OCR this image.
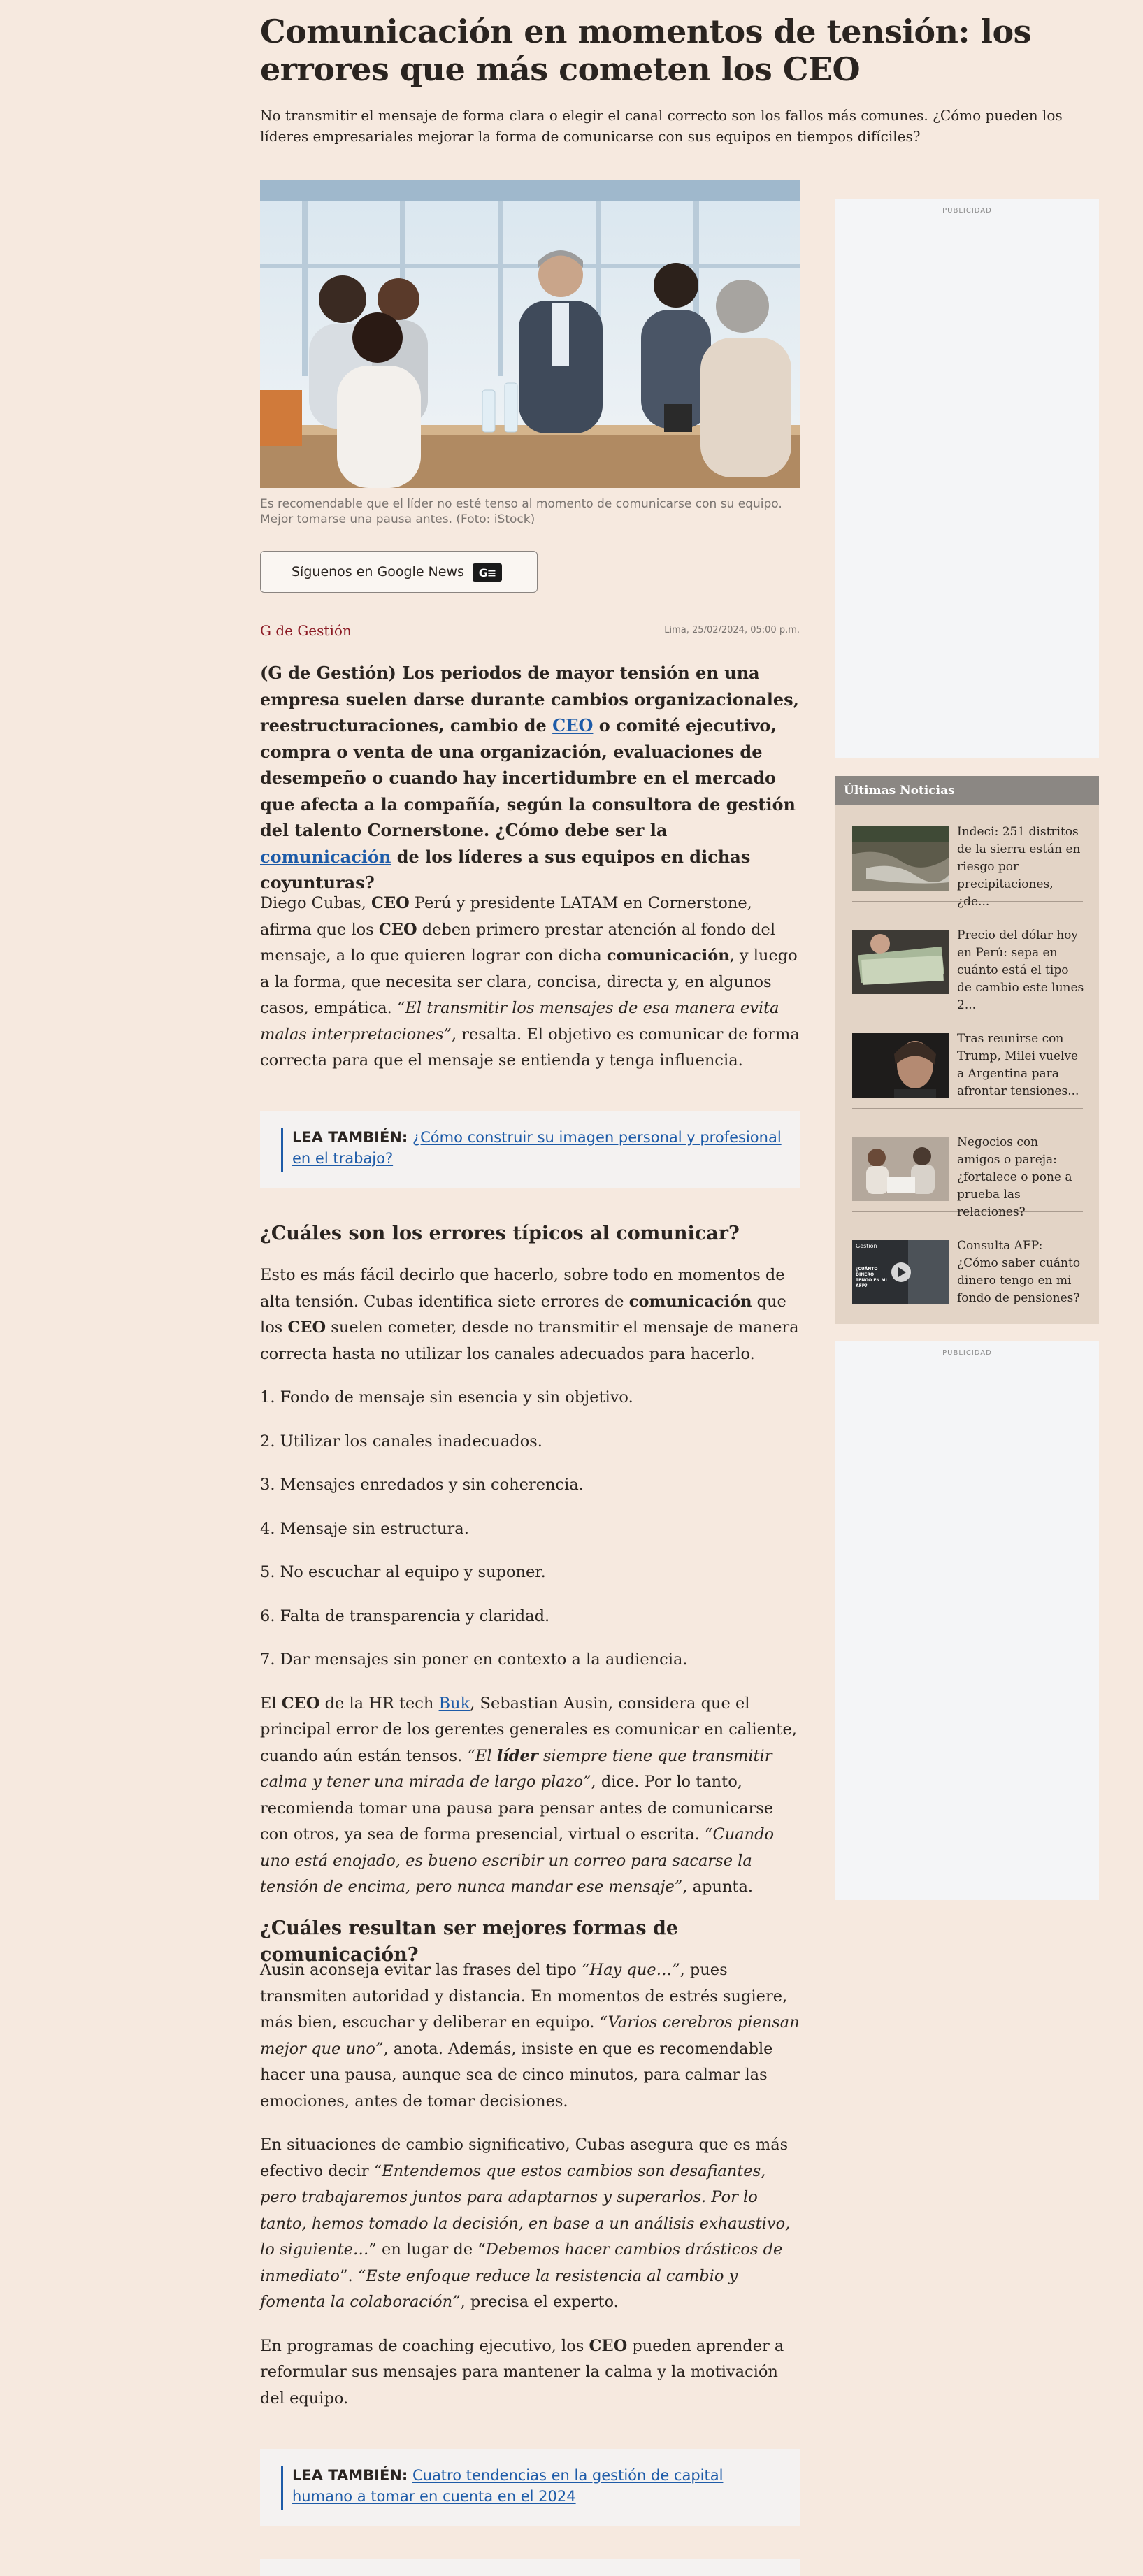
Comunicación en momentos de tensión: los errores que más cometen los CEO

No transmitir el mensaje de forma clara o elegir el canal correcto son los fallos más comunes. ¿Cómo pueden los líderes empresariales mejorar la forma de comunicarse con sus equipos en tiempos difíciles?

Es recomendable que el líder no esté tenso al momento de comunicarse con su equipo. Mejor tomarse una pausa antes. (Foto: iStock)

Síguenos en Google News	G≡
G de Gestión	Lima, 25/02/2024, 05:00 p.m.

(G de Gestión) Los periodos de mayor tensión en una empresa suelen darse durante cambios organizacionales, reestructuraciones, cambio de CEO o comité ejecutivo, compra o venta de una organización, evaluaciones de desempeño o cuando hay incertidumbre en el mercado que afecta a la compañía, según la consultora de gestión del talento Cornerstone. ¿Cómo debe ser la comunicación de los líderes a sus equipos en dichas coyunturas?

Diego Cubas, CEO Perú y presidente LATAM en Cornerstone, afirma que los CEO deben primero prestar atención al fondo del mensaje, a lo que quieren lograr con dicha comunicación, y luego a la forma, que necesita ser clara, concisa, directa y, en algunos casos, empática. “El transmitir los mensajes de esa manera evita malas interpretaciones”, resalta. El objetivo es comunicar de forma correcta para que el mensaje se entienda y tenga influencia.

LEA TAMBIÉN: ¿Cómo construir su imagen personal y profesional en el trabajo?
¿Cuáles son los errores típicos al comunicar?

Esto es más fácil decirlo que hacerlo, sobre todo en momentos de alta tensión. Cubas identifica siete errores de comunicación que los CEO suelen cometer, desde no transmitir el mensaje de manera correcta hasta no utilizar los canales adecuados para hacerlo.

1. Fondo de mensaje sin esencia y sin objetivo.

2. Utilizar los canales inadecuados.

3. Mensajes enredados y sin coherencia.

4. Mensaje sin estructura.

5. No escuchar al equipo y suponer.

6. Falta de transparencia y claridad.

7. Dar mensajes sin poner en contexto a la audiencia.

El CEO de la HR tech Buk, Sebastian Ausin, considera que el principal error de los gerentes generales es comunicar en caliente, cuando aún están tensos. “El líder siempre tiene que transmitir calma y tener una mirada de largo plazo”, dice. Por lo tanto, recomienda tomar una pausa para pensar antes de comunicarse con otros, ya sea de forma presencial, virtual o escrita. “Cuando uno está enojado, es bueno escribir un correo para sacarse la tensión de encima, pero nunca mandar ese mensaje”, apunta.

¿Cuáles resultan ser mejores formas de comunicación?

Ausin aconseja evitar las frases del tipo “Hay que…”, pues transmiten autoridad y distancia. En momentos de estrés sugiere, más bien, escuchar y deliberar en equipo. “Varios cerebros piensan mejor que uno”, anota. Además, insiste en que es recomendable hacer una pausa, aunque sea de cinco minutos, para calmar las emociones, antes de tomar decisiones.

En situaciones de cambio significativo, Cubas asegura que es más efectivo decir “Entendemos que estos cambios son desafiantes, pero trabajaremos juntos para adaptarnos y superarlos. Por lo tanto, hemos tomado la decisión, en base a un análisis exhaustivo, lo siguiente…” en lugar de “Debemos hacer cambios drásticos de inmediato”. “Este enfoque reduce la resistencia al cambio y fomenta la colaboración”, precisa el experto.

En programas de coaching ejecutivo, los CEO pueden aprender a reformular sus mensajes para mantener la calma y la motivación del equipo.

LEA TAMBIÉN: Cuatro tendencias en la gestión de capital humano a tomar en cuenta en el 2024
PUBLICIDAD
Últimas Noticias
Indeci: 251 distritos de la sierra están en riesgo por precipitaciones, ¿de...
Precio del dólar hoy en Perú: sepa en cuánto está el tipo de cambio este lunes 2...
Tras reunirse con Trump, Milei vuelve a Argentina para afrontar tensiones...
Negocios con amigos o pareja: ¿fortalece o pone a prueba las relaciones?
Gestión
¿CUÁNTO DINERO TENGO EN MI AFP?
Consulta AFP: ¿Cómo saber cuánto dinero tengo en mi fondo de pensiones?
PUBLICIDAD
